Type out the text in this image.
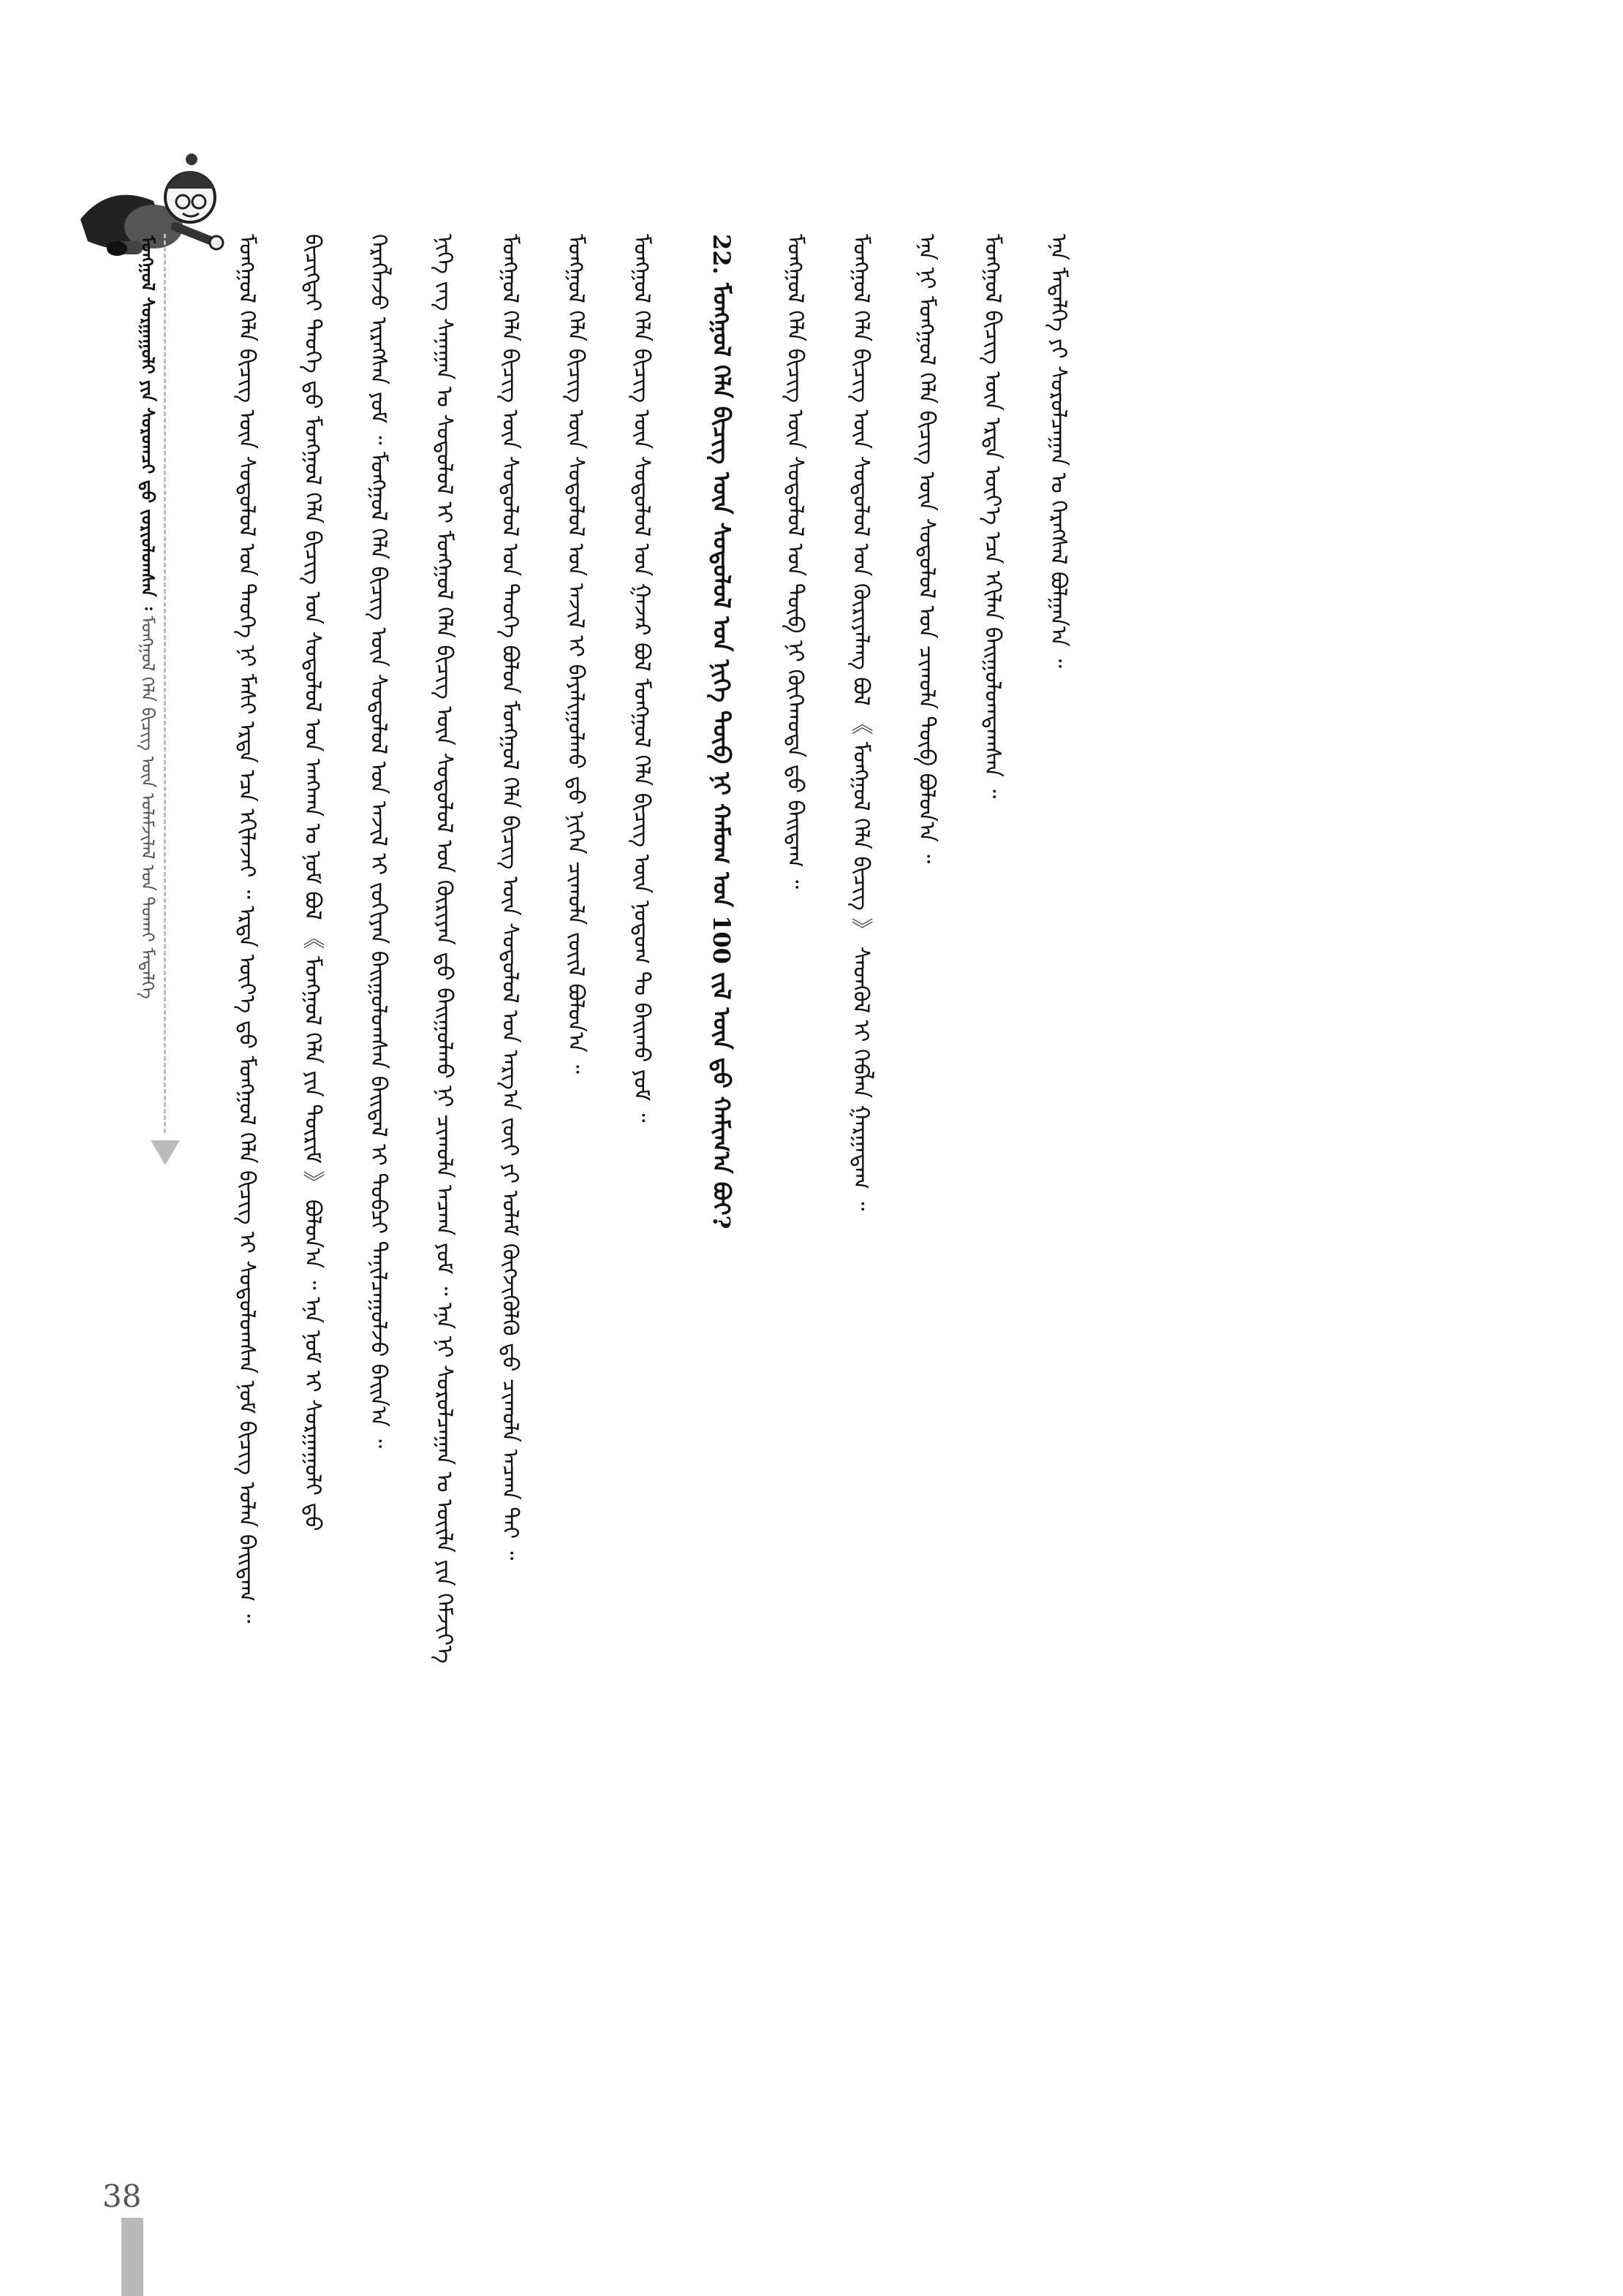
ᠮᠣᠩᠭᠣᠯ ᠰᠤᠷᠭᠠᠭᠤᠯᠢ ᠶᠢᠨ ᠰᠤᠷᠤᠭᠴᠢ ᠳ᠋ᠤ ᠵᠣᠷᠢᠤᠯᠤᠭᠰᠠᠨ ᠄ ᠮᠣᠩᠭᠣᠯ ᠬᠡᠯᠡ ᠪᠢᠴᠢᠭ ᠦᠨ ᠤᠯᠠᠮᠵᠢᠯᠠᠯ ᠤᠨ ᠲᠤᠬᠠᠢ ᠮᠡᠳᠡᠯᠭᠡ	ᠮᠣᠩᠭᠣᠯ ᠬᠡᠯᠡ ᠪᠢᠴᠢᠭ ᠦᠨ ᠰᠤᠳᠤᠯᠤᠯ ᠤᠨ ᠲᠡᠦᠬᠡ ᠨᠢ ᠮᠠᠰᠢ ᠡᠷᠲᠡ ᠡᠴᠡ ᠡᠬᠢᠯᠡᠵᠡᠢ ᠃ ᠡᠷᠲᠡ ᠦᠶ᠎ᠡ ᠳ᠋ᠤ ᠮᠣᠩᠭᠣᠯ ᠬᠡᠯᠡ ᠪᠢᠴᠢᠭ ᠢ ᠰᠤᠳᠤᠯᠤᠭᠰᠠᠨ ᠨᠣᠮ ᠪᠢᠴᠢᠭ ᠤᠯᠠᠨ ᠪᠠᠢᠳᠠᠭ ᠃	ᠪᠢᠴᠢᠭᠲᠡᠢ ᠲᠡᠦᠬᠡ ᠳ᠋ᠦ ᠮᠣᠩᠭᠣᠯ ᠬᠡᠯᠡ ᠪᠢᠴᠢᠭ ᠤᠨ ᠰᠤᠳᠤᠯᠤᠯ ᠤᠨ ᠠᠩᠬᠠᠨ ᠤ ᠨᠣᠮ ᠪᠣᠯ 《 ᠮᠣᠩᠭᠣᠯ ᠬᠡᠯᠡ ᠶᠢᠨ ᠳᠦᠷᠢᠮ 》 ᠪᠣᠯᠤᠨ᠎ᠠ ᠃ ᠡᠨᠡ ᠨᠣᠮ ᠢ ᠰᠤᠷᠭᠠᠭᠤᠯᠢ ᠳ᠋ᠤ	ᠬᠡᠷᠡᠭᠯᠡᠵᠦ ᠢᠷᠡᠭᠰᠡᠨ ᠶᠤᠮ ᠃ ᠮᠣᠩᠭᠣᠯ ᠬᠡᠯᠡ ᠪᠢᠴᠢᠭ ᠦᠨ ᠰᠤᠳᠤᠯᠤᠯ ᠤᠨ ᠠᠵᠢᠯ ᠢ ᠵᠣᠬᠢᠶᠠᠨ ᠪᠠᠢᠭᠤᠯᠤᠭᠰᠠᠨ ᠪᠠᠢᠳᠠᠯ ᠢ ᠲᠣᠪᠴᠢ ᠲᠠᠨᠢᠯᠴᠠᠭᠤᠯᠵᠤ ᠪᠠᠢᠨ᠎ᠠ ᠃	ᠨᠢᠭᠡ ᠵᠡᠭ ᠰᠠᠨᠠᠭᠠᠨ ᠤ ᠰᠤᠳᠤᠯᠤᠯ ᠢ ᠮᠣᠩᠭᠣᠯ ᠬᠡᠯᠡ ᠪᠢᠴᠢᠭ ᠦᠨ ᠰᠤᠳᠤᠯᠤᠯ ᠤᠨ ᠬᠦᠷᠢᠶᠡᠨ ᠳ᠋ᠦ ᠪᠠᠢᠭᠤᠯᠬᠤ ᠨᠢ ᠴᠢᠬᠤᠯᠠ ᠠᠴᠬᠠ ᠶᠤᠮ ᠃ ᠡᠨᠡ ᠨᠢ ᠰᠤᠷᠤᠯᠴᠠᠭᠠᠨ ᠤ ᠦᠢᠯᠡ ᠶᠢᠨ ᠬᠡᠮᠵᠢᠶ᠎ᠡ	ᠮᠣᠩᠭᠣᠯ ᠬᠡᠯᠡ ᠪᠢᠴᠢᠭ ᠦᠨ ᠰᠤᠳᠤᠯᠤᠯ ᠤᠨ ᠲᠡᠦᠬᠡ ᠪᠣᠯᠤᠨ ᠮᠣᠩᠭᠣᠯ ᠬᠡᠯᠡ ᠪᠢᠴᠢᠭ ᠦᠨ ᠰᠤᠳᠤᠯᠤᠯ ᠤᠨ ᠠᠷᠭ᠎ᠠ ᠵᠦᠢ ᠶᠢ ᠤᠯᠠᠮ ᠬᠥᠭᠵᠢᠭᠦᠯᠬᠦ ᠳ᠋ᠦ ᠴᠢᠬᠤᠯᠠ ᠠᠴᠬᠠ ᠲᠠᠢ ᠃	ᠮᠣᠩᠭᠣᠯ ᠬᠡᠯᠡ ᠪᠢᠴᠢᠭ ᠦᠨ ᠰᠤᠳᠤᠯᠤᠯ ᠤᠨ ᠠᠵᠢᠯ ᠢ ᠪᠠᠶᠠᠯᠢᠭᠤᠯᠬᠤ ᠳ᠋ᠤ ᠨᠢᠭᠡᠨ ᠴᠢᠬᠤᠯᠠ ᠵᠦᠢᠯ ᠪᠣᠯᠤᠨ᠎ᠠ ᠃	ᠮᠣᠩᠭᠣᠯ ᠬᠡᠯᠡ ᠪᠢᠴᠢᠭ ᠦᠨ ᠰᠤᠳᠤᠯᠤᠯ ᠤᠨ ᠭᠠᠵᠠᠷ ᠪᠣᠯ ᠮᠣᠩᠭᠣᠯ ᠬᠡᠯᠡ ᠪᠢᠴᠢᠭ ᠦᠨ ᠨᠤᠲᠤᠭ ᠲᠤ ᠪᠠᠢᠬᠤ ᠶᠤᠮ ᠃ 22. ᠮᠣᠩᠭᠣᠯ ᠬᠡᠯᠡ ᠪᠢᠴᠢᠭ ᠦᠨ ᠰᠤᠳᠤᠯᠤᠯ ᠤᠨ ᠨᠢᠭᠡ ᠲᠥᠪ ᠨᠢ ᠬᠠᠮᠤᠭ ᠤᠨ 100 ᠵᠢᠯ ᠦᠨ ᠳ᠋ᠤ ᠬᠠᠮᠢᠭ᠎ᠠ ᠪᠣᠢ?	ᠮᠣᠩᠭᠣᠯ ᠬᠡᠯᠡ ᠪᠢᠴᠢᠭ ᠦᠨ ᠰᠤᠳᠤᠯᠤᠯ ᠤᠨ ᠲᠥᠪ ᠨᠢ ᠬᠥᠬᠡᠬᠣᠲᠠ ᠳ᠋ᠤ ᠪᠠᠢᠳᠠᠭ ᠃	ᠮᠣᠩᠭᠣᠯ ᠬᠡᠯᠡ ᠪᠢᠴᠢᠭ ᠦᠨ ᠰᠤᠳᠤᠯᠤᠯ ᠤᠨ ᠬᠦᠷᠢᠶᠡᠯᠡᠩ ᠪᠣᠯ 《 ᠮᠣᠩᠭᠣᠯ ᠬᠡᠯᠡ ᠪᠢᠴᠢᠭ 》 ᠰᠡᠳᠬᠦᠯ ᠢ ᠬᠡᠪᠯᠡᠨ ᠭᠠᠷᠭᠠᠳᠠᠭ ᠃	ᠡᠨᠡ ᠨᠢ ᠮᠣᠩᠭᠣᠯ ᠬᠡᠯᠡ ᠪᠢᠴᠢᠭ ᠦᠨ ᠰᠤᠳᠤᠯᠤᠯ ᠤᠨ ᠴᠢᠬᠤᠯᠠ ᠲᠥᠪ ᠪᠣᠯᠤᠨ᠎ᠠ ᠃	ᠮᠣᠩᠭᠣᠯ ᠪᠢᠴᠢᠭ ᠦᠨ ᠡᠷᠲᠡ ᠦᠶ᠎ᠡ ᠡᠴᠡ ᠡᠬᠢᠯᠡᠨ ᠪᠠᠢᠭᠤᠯᠤᠭᠳᠠᠭᠰᠠᠨ ᠃	ᠡᠨᠡ ᠮᠡᠳᠡᠯᠭᠡ ᠶᠢ ᠰᠤᠷᠤᠯᠴᠠᠭᠠᠨ ᠤ ᠬᠡᠷᠡᠭᠰᠡᠯ ᠪᠣᠯᠭᠠᠨ᠎ᠠ ᠃
38
